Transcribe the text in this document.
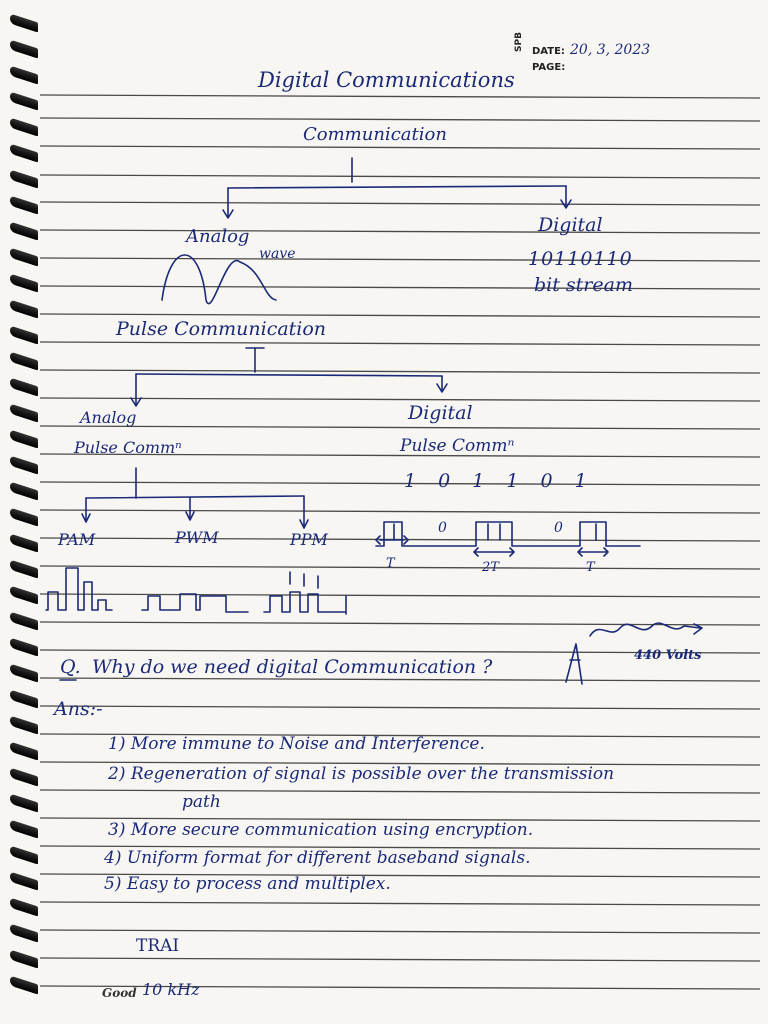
SPB DATE: 20, 3, 2023
PAGE:
Digital Communications
Communication
Analog
wave
Digital
10110110
bit stream
Pulse Communication
Analog
Pulse Commⁿ
Digital
Pulse Commⁿ
PAM	PWM	PPM
1 0 1 1 0 1
0	0
T	2T	T
Q. Why do we need digital Communication ?
440 Volts
Ans:-
1) More immune to Noise and Interference.
2) Regeneration of signal is possible over the transmission
path
3) More secure communication using encryption.
4) Uniform format for different baseband signals.
5) Easy to process and multiplex.
TRAI
Good 10 kHz
